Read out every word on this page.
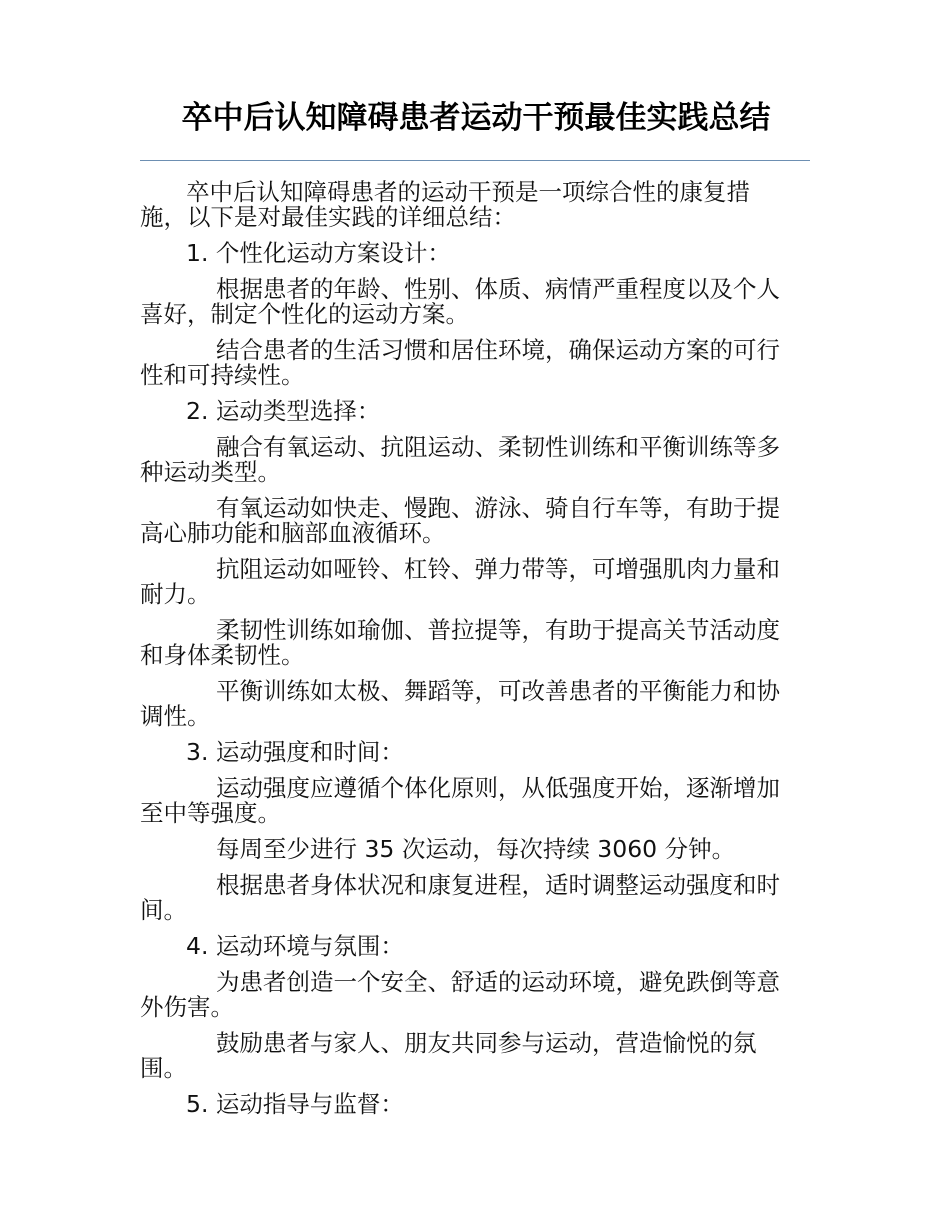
卒中后认知障碍患者运动干预最佳实践总结

卒中后认知障碍患者的运动干预是一项综合性的康复措施，以下是对最佳实践的详细总结：

1. 个性化运动方案设计：

根据患者的年龄、性别、体质、病情严重程度以及个人喜好，制定个性化的运动方案。

结合患者的生活习惯和居住环境，确保运动方案的可行性和可持续性。

2. 运动类型选择：

融合有氧运动、抗阻运动、柔韧性训练和平衡训练等多种运动类型。

有氧运动如快走、慢跑、游泳、骑自行车等，有助于提高心肺功能和脑部血液循环。

抗阻运动如哑铃、杠铃、弹力带等，可增强肌肉力量和耐力。

柔韧性训练如瑜伽、普拉提等，有助于提高关节活动度和身体柔韧性。

平衡训练如太极、舞蹈等，可改善患者的平衡能力和协调性。

3. 运动强度和时间：

运动强度应遵循个体化原则，从低强度开始，逐渐增加至中等强度。

每周至少进行 35 次运动，每次持续 3060 分钟。

根据患者身体状况和康复进程，适时调整运动强度和时间。

4. 运动环境与氛围：

为患者创造一个安全、舒适的运动环境，避免跌倒等意外伤害。

鼓励患者与家人、朋友共同参与运动，营造愉悦的氛围。

5. 运动指导与监督：
